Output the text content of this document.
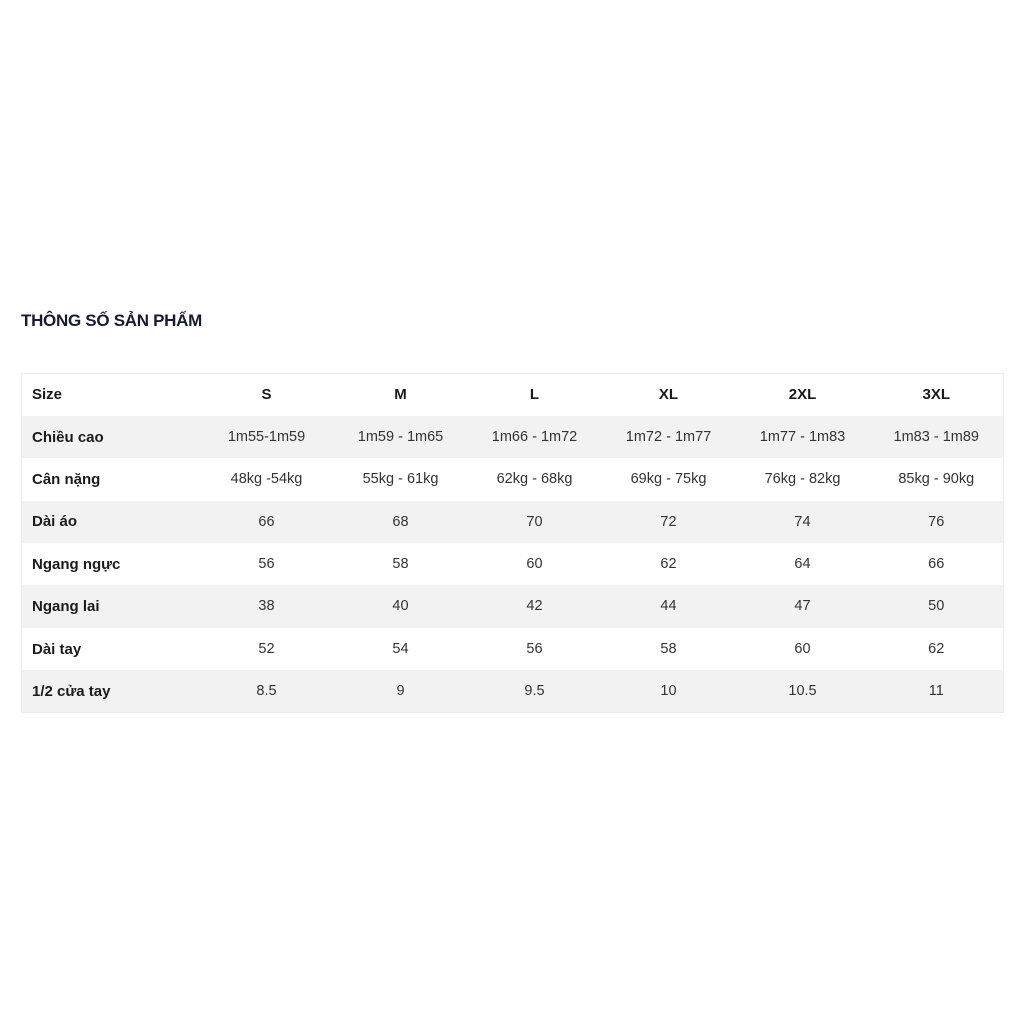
THÔNG SỐ SẢN PHẨM
Size	S	M	L	XL	2XL	3XL
Chiều cao	1m55-1m59	1m59 - 1m65	1m66 - 1m72	1m72 - 1m77	1m77 - 1m83	1m83 - 1m89
Cân nặng	48kg -54kg	55kg - 61kg	62kg - 68kg	69kg - 75kg	76kg - 82kg	85kg - 90kg
Dài áo	66	68	70	72	74	76
Ngang ngực	56	58	60	62	64	66
Ngang lai	38	40	42	44	47	50
Dài tay	52	54	56	58	60	62
1/2 cửa tay	8.5	9	9.5	10	10.5	11
